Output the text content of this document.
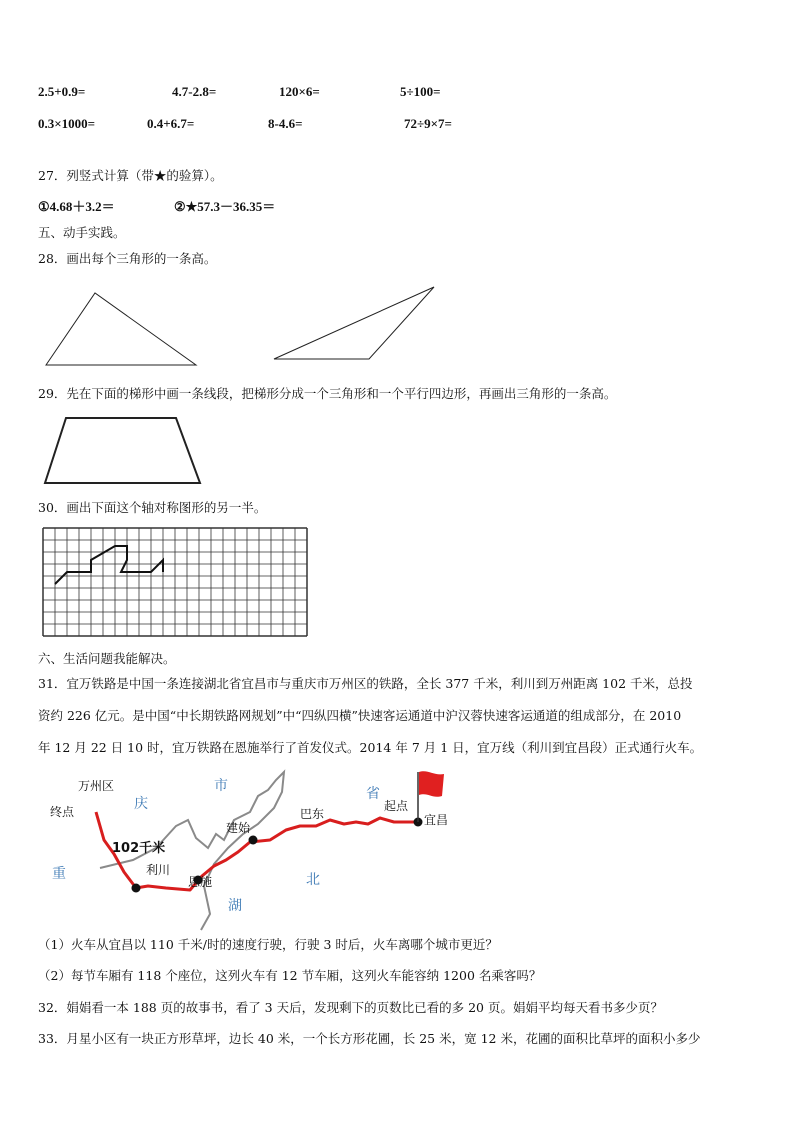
2.5+0.9=	4.7-2.8=	120×6=	5÷100=
0.3×1000=	0.4+6.7=	8-4.6=	72÷9×7=
27．列竖式计算（带★的验算）。
①4.68＋3.2＝	②★57.3－36.35＝
五、动手实践。
28．画出每个三角形的一条高。
29．先在下面的梯形中画一条线段，把梯形分成一个三角形和一个平行四边形，再画出三角形的一条高。
30．画出下面这个轴对称图形的另一半。
六、生活问题我能解决。
31．宜万铁路是中国一条连接湖北省宜昌市与重庆市万州区的铁路，全长 377 千米，利川到万州距离 102 千米，总投
资约 226 亿元。是中国“中长期铁路网规划”中“四纵四横”快速客运通道中沪汉蓉快速客运通道的组成部分，在 2010
年 12 月 22 日 10 时，宜万铁路在恩施举行了首发仪式。2014 年 7 月 1 日，宜万线（利川到宜昌段）正式通行火车。
万州区
终点	庆
市	省
起点
宜昌
巴东
建始
102千米
利川
恩施
重	北
湖
（1）火车从宜昌以 110 千米/时的速度行驶，行驶 3 时后，火车离哪个城市更近？
（2）每节车厢有 118 个座位，这列火车有 12 节车厢，这列火车能容纳 1200 名乘客吗？
32．娟娟看一本 188 页的故事书，看了 3 天后，发现剩下的页数比已看的多 20 页。娟娟平均每天看书多少页？
33．月星小区有一块正方形草坪，边长 40 米，一个长方形花圃，长 25 米，宽 12 米，花圃的面积比草坪的面积小多少
